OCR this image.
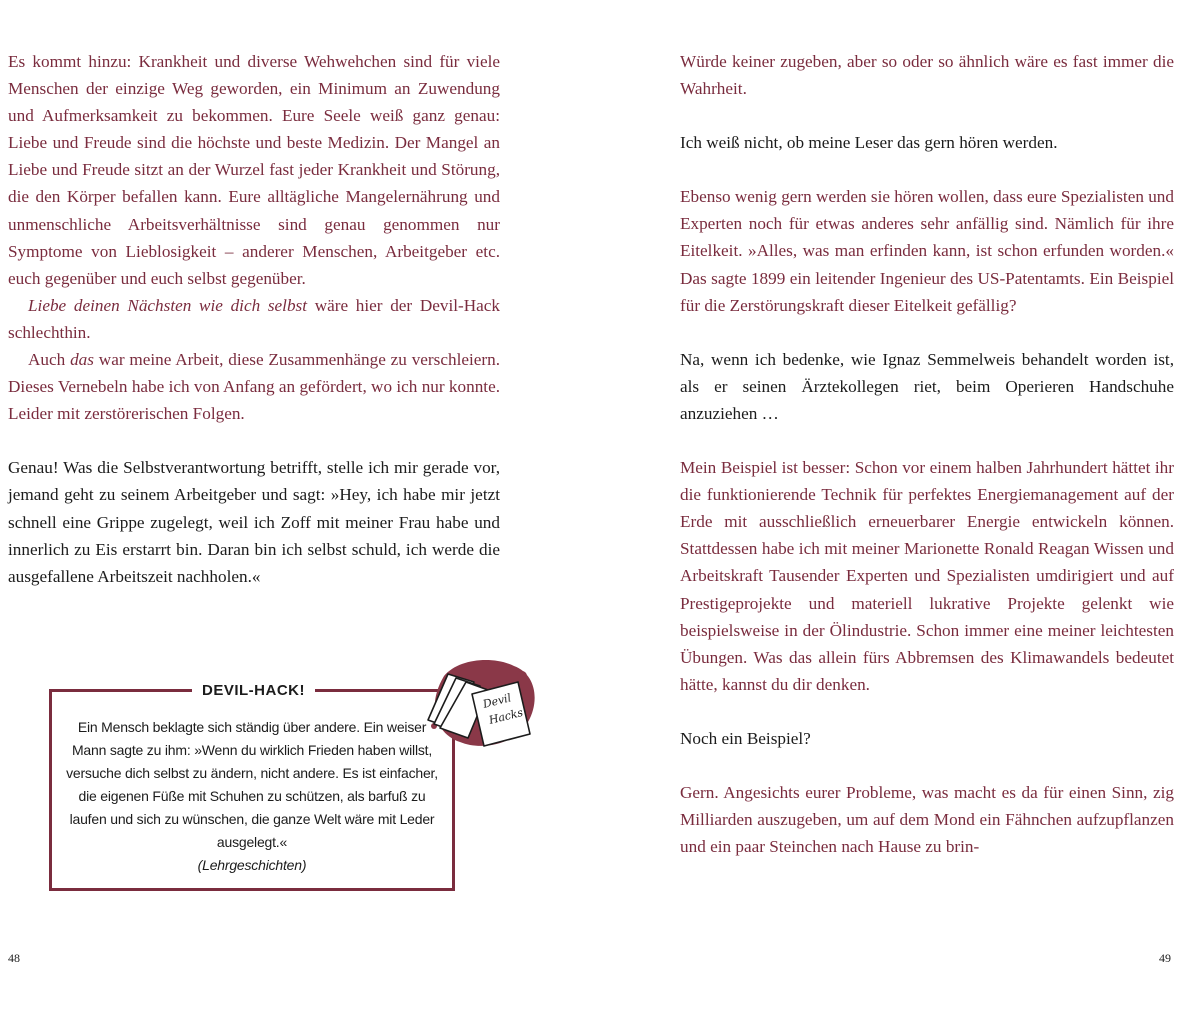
Es kommt hinzu: Krankheit und diverse Wehwehchen sind für viele Menschen der einzige Weg geworden, ein Minimum an Zuwendung und Aufmerksamkeit zu bekommen. Eure Seele weiß ganz genau: Liebe und Freude sind die höchste und beste Medizin. Der Mangel an Liebe und Freude sitzt an der Wurzel fast jeder Krankheit und Störung, die den Körper befallen kann. Eure alltägliche Mangelernährung und unmenschliche Arbeitsverhältnisse sind genau genommen nur Symptome von Lieblosigkeit – anderer Menschen, Arbeitgeber etc. euch gegenüber und euch selbst gegenüber.

Liebe deinen Nächsten wie dich selbst wäre hier der Devil-Hack schlechthin.

Auch das war meine Arbeit, diese Zusammenhänge zu verschleiern. Dieses Vernebeln habe ich von Anfang an gefördert, wo ich nur konnte. Leider mit zerstörerischen Folgen.

Genau! Was die Selbstverantwortung betrifft, stelle ich mir gerade vor, jemand geht zu seinem Arbeitgeber und sagt: »Hey, ich habe mir jetzt schnell eine Grippe zugelegt, weil ich Zoff mit meiner Frau habe und innerlich zu Eis erstarrt bin. Daran bin ich selbst schuld, ich werde die ausgefallene Arbeitszeit nachholen.«

DEVIL-HACK!
Ein Mensch beklagte sich ständig über andere. Ein weiser Mann sagte zu ihm: »Wenn du wirklich Frieden haben willst, versuche dich selbst zu ändern, nicht andere. Es ist einfacher, die eigenen Füße mit Schuhen zu schützen, als barfuß zu laufen und sich zu wünschen, die ganze Welt wäre mit Leder ausgelegt.«
(Lehrgeschichten)
Devil
Hacks

Würde keiner zugeben, aber so oder so ähnlich wäre es fast immer die Wahrheit.

Ich weiß nicht, ob meine Leser das gern hören werden.

Ebenso wenig gern werden sie hören wollen, dass eure Spezialisten und Experten noch für etwas anderes sehr anfällig sind. Nämlich für ihre Eitelkeit. »Alles, was man erfinden kann, ist schon erfunden worden.« Das sagte 1899 ein leitender Ingenieur des US-Patentamts. Ein Beispiel für die Zerstörungskraft dieser Eitelkeit gefällig?

Na, wenn ich bedenke, wie Ignaz Semmelweis behandelt worden ist, als er seinen Ärztekollegen riet, beim Operieren Handschuhe anzuziehen …

Mein Beispiel ist besser: Schon vor einem halben Jahrhundert hättet ihr die funktionierende Technik für perfektes Energiemanagement auf der Erde mit ausschließlich erneuerbarer Energie entwickeln können. Stattdessen habe ich mit meiner Marionette Ronald Reagan Wissen und Arbeitskraft Tausender Experten und Spezialisten umdirigiert und auf Prestigeprojekte und materiell lukrative Projekte gelenkt wie beispielsweise in der Ölindustrie. Schon immer eine meiner leichtesten Übungen. Was das allein fürs Abbremsen des Klimawandels bedeutet hätte, kannst du dir denken.

Noch ein Beispiel?

Gern. Angesichts eurer Probleme, was macht es da für einen Sinn, zig Milliarden auszugeben, um auf dem Mond ein Fähnchen aufzupflanzen und ein paar Steinchen nach Hause zu brin-

48	49
